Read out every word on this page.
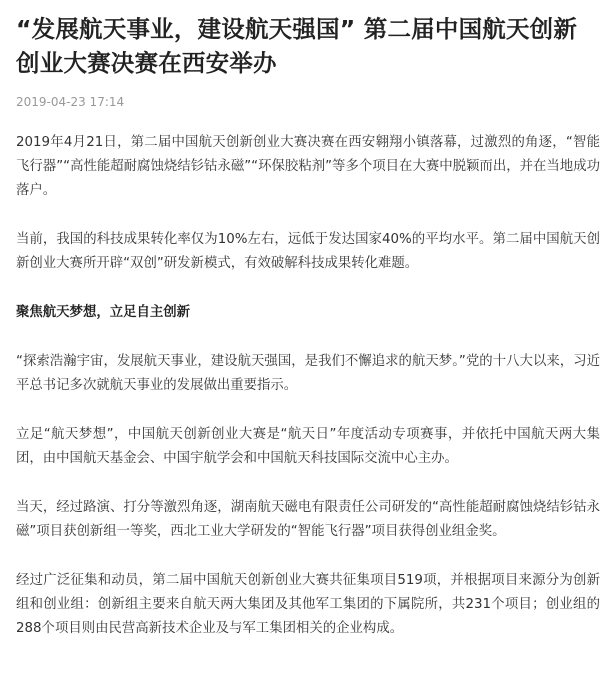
“发展航天事业，建设航天强国” 第二届中国航天创新创业大赛决赛在西安举办
2019-04-23 17:14

2019年4月21日，第二届中国航天创新创业大赛决赛在西安翱翔小镇落幕，过激烈的角逐，“智能飞行器”“高性能超耐腐蚀烧结钐钴永磁”“环保胶粘剂”等多个项目在大赛中脱颖而出，并在当地成功落户。

当前，我国的科技成果转化率仅为10%左右，远低于发达国家40%的平均水平。第二届中国航天创新创业大赛所开辟“双创”研发新模式，有效破解科技成果转化难题。

聚焦航天梦想，立足自主创新

“探索浩瀚宇宙，发展航天事业，建设航天强国，是我们不懈追求的航天梦。”党的十八大以来，习近平总书记多次就航天事业的发展做出重要指示。

立足“航天梦想”，中国航天创新创业大赛是“航天日”年度活动专项赛事，并依托中国航天两大集团，由中国航天基金会、中国宇航学会和中国航天科技国际交流中心主办。

当天，经过路演、打分等激烈角逐，湖南航天磁电有限责任公司研发的“高性能超耐腐蚀烧结钐钴永磁”项目获创新组一等奖，西北工业大学研发的“智能飞行器”项目获得创业组金奖。

经过广泛征集和动员，第二届中国航天创新创业大赛共征集项目519项，并根据项目来源分为创新组和创业组：创新组主要来自航天两大集团及其他军工集团的下属院所，共231个项目；创业组的288个项目则由民营高新技术企业及与军工集团相关的企业构成。
